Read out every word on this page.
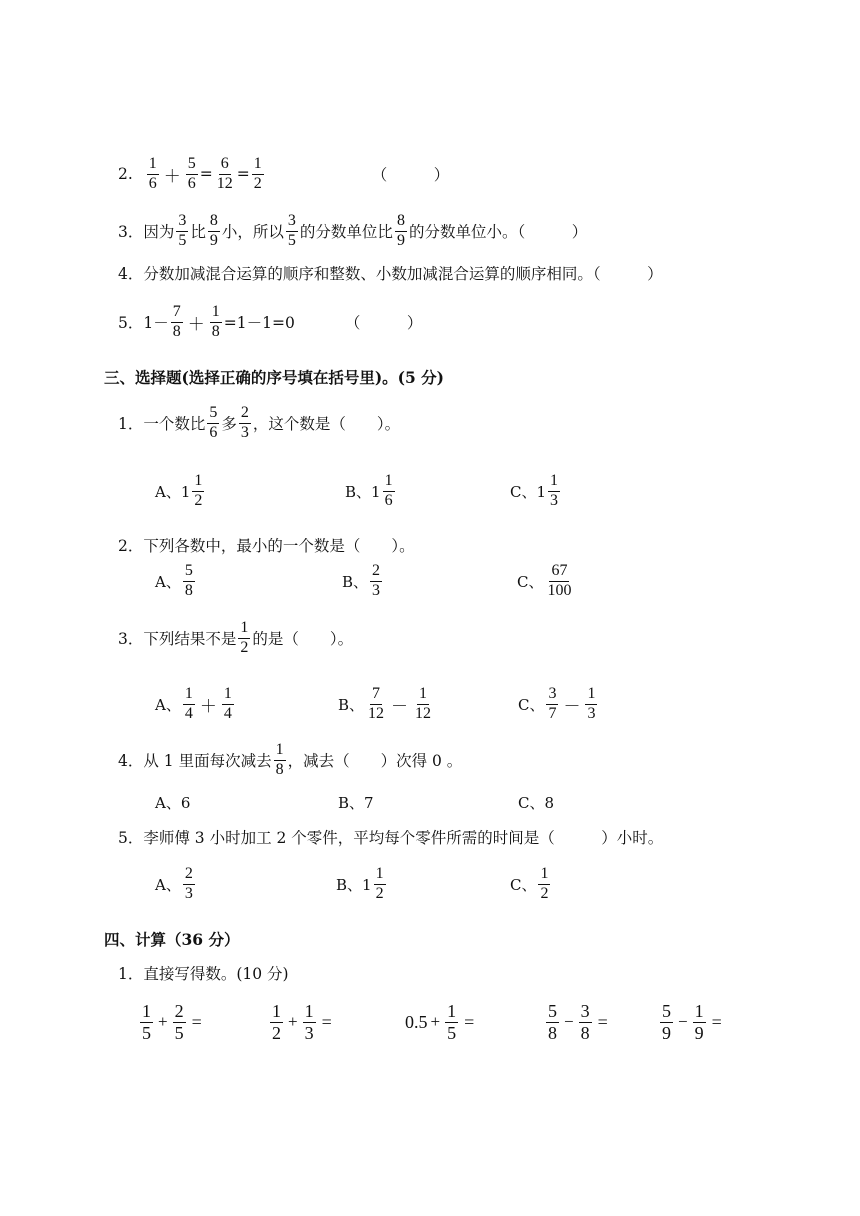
2. $\frac{1}{6} + \frac{5}{6} = \frac{6}{12} = \frac{1}{2}$	（　　　）
3． 因为 $\frac{3}{5}$ 比 $\frac{8}{9}$ 小，所以 $\frac{3}{5}$ 的分数单位比 $\frac{8}{9}$ 的分数单位小。（　　　）
4．分数加减混合运算的顺序和整数、小数加减混合运算的顺序相同。（　　　）
5． $1- \frac{7}{8} + \frac{1}{8} =1-1=0$	（　　　）
三、选择题(选择正确的序号填在括号里)。(5 分)
1．一个数比 $\frac{5}{6}$ 多 $\frac{2}{3}$ ，这个数是（　　）。
A、$1 \frac{1}{2}$	B、$1 \frac{1}{6}$	C、$1 \frac{1}{3}$
2．下列各数中，最小的一个数是（　　）。
A、 $\frac{5}{8}$	B、 $\frac{2}{3}$	C、 $\frac{67}{100}$
3．下列结果不是 $\frac{1}{2}$ 的是（　　）。
A、 $\frac{1}{4} + \frac{1}{4}$	B、 $\frac{7}{12} - \frac{1}{12}$	C、 $\frac{3}{7} - \frac{1}{3}$
4．从 1 里面每次减去 $\frac{1}{8}$ ，减去（　　）次得 0 。
A、6	B、7	C、8
5．李师傅 3 小时加工 2 个零件，平均每个零件所需的时间是（　　　）小时。
A、 $\frac{2}{3}$	B、$1 \frac{1}{2}$	C、 $\frac{1}{2}$
四、计算（36 分）
1．直接写得数。(10 分)
$\frac{1}{5} + \frac{2}{5}$ =	$\frac{1}{2} + \frac{1}{3}$ =	$0.5 + \frac{1}{5}$ =	$\frac{5}{8} - \frac{3}{8}$ =	$\frac{5}{9} - \frac{1}{9}$ =
